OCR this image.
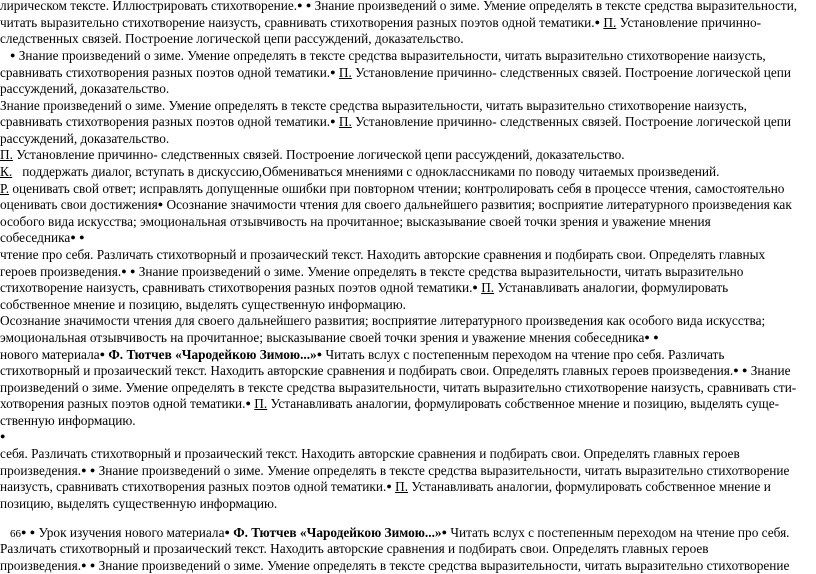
лирическом тексте. Иллюстрировать стихотворение.● ● Знание произведений о зиме. Умение определять в тексте средства выразительности,
читать выразительно стихотворение наизусть, сравнивать стихотворения разных поэтов одной тематики.● П. Установление причинно-
следственных связей. Построение логической цепи рассуждений, доказательство.
● Знание произведений о зиме. Умение определять в тексте средства выразительности, читать выразительно стихотворение наизусть,
сравнивать стихотворения разных поэтов одной тематики.● П. Установление причинно- следственных связей. Построение логической цепи
рассуждений, доказательство.
Знание произведений о зиме. Умение определять в тексте средства выразительности, читать выразительно стихотворение наизусть,
сравнивать стихотворения разных поэтов одной тематики.● П. Установление причинно- следственных связей. Построение логической цепи
рассуждений, доказательство.
П. Установление причинно- следственных связей. Построение логической цепи рассуждений, доказательство.
К. поддержать диалог, вступать в дискуссию,Обмениваться мнениями с одноклассниками по поводу читаемых произведений.
Р. оценивать свой ответ; исправлять допущенные ошибки при повторном чтении; контролировать себя в процессе чтения, самостоятельно
оценивать свои достижения● Осознание значимости чтения для своего дальнейшего развития; восприятие литературного произведения как
особого вида искусства; эмоциональная отзывчивость на прочитанное; высказывание своей точки зрения и уважение мнения
собеседника● ●
чтение про себя. Различать стихотворный и прозаический текст. Находить авторские сравнения и подбирать свои. Определять главных
героев произведения.● ● Знание произведений о зиме. Умение определять в тексте средства выразительности, читать выразительно
стихотворение наизусть, сравнивать стихотворения разных поэтов одной тематики.● П. Устанавливать аналогии, формулировать
собственное мнение и позицию, выделять существенную информацию.
Осознание значимости чтения для своего дальнейшего развития; восприятие литературного произведения как особого вида искусства;
эмоциональная отзывчивость на прочитанное; высказывание своей точки зрения и уважение мнения собеседника● ●
нового материала● Ф. Тютчев «Чародейкою Зимою...»● Читать вслух с постепенным переходом на чтение про себя. Различать
стихотворный и прозаический текст. Находить авторские сравнения и подбирать свои. Определять главных героев произведения.● ● Знание
произведений о зиме. Умение определять в тексте средства выразительности, читать выразительно стихотворение наизусть, сравнивать сти-
хотворения разных поэтов одной тематики.● П. Устанавливать аналогии, формулировать собственное мнение и позицию, выделять суще-
ственную информацию.
●
себя. Различать стихотворный и прозаический текст. Находить авторские сравнения и подбирать свои. Определять главных героев
произведения.● ● Знание произведений о зиме. Умение определять в тексте средства выразительности, читать выразительно стихотворение
наизусть, сравнивать стихотворения разных поэтов одной тематики.● П. Устанавливать аналогии, формулировать собственное мнение и
позицию, выделять существенную информацию.
66● ● Урок изучения нового материала● Ф. Тютчев «Чародейкою Зимою...»● Читать вслух с постепенным переходом на чтение про себя.
Различать стихотворный и прозаический текст. Находить авторские сравнения и подбирать свои. Определять главных героев
произведения.● ● Знание произведений о зиме. Умение определять в тексте средства выразительности, читать выразительно стихотворение
